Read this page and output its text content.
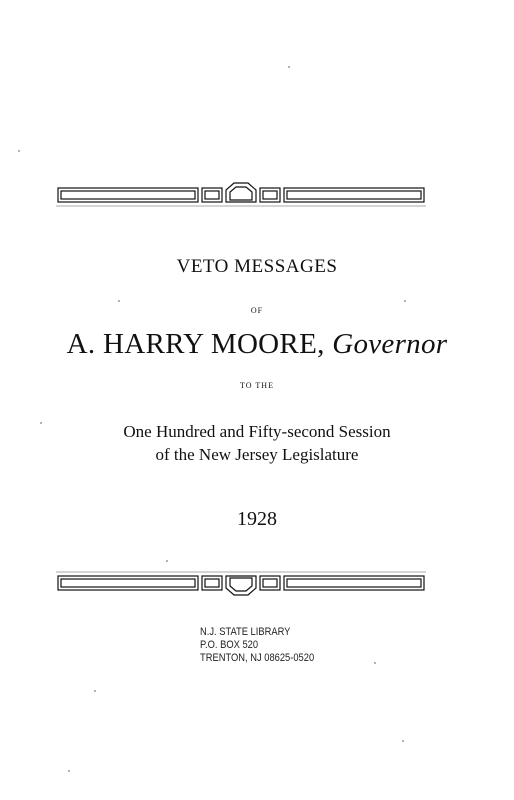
VETO MESSAGES
OF
A. HARRY MOORE, Governor
TO THE
One Hundred and Fifty-second Session
of the New Jersey Legislature
1928
N.J. STATE LIBRARY
P.O. BOX 520
TRENTON, NJ 08625-0520
